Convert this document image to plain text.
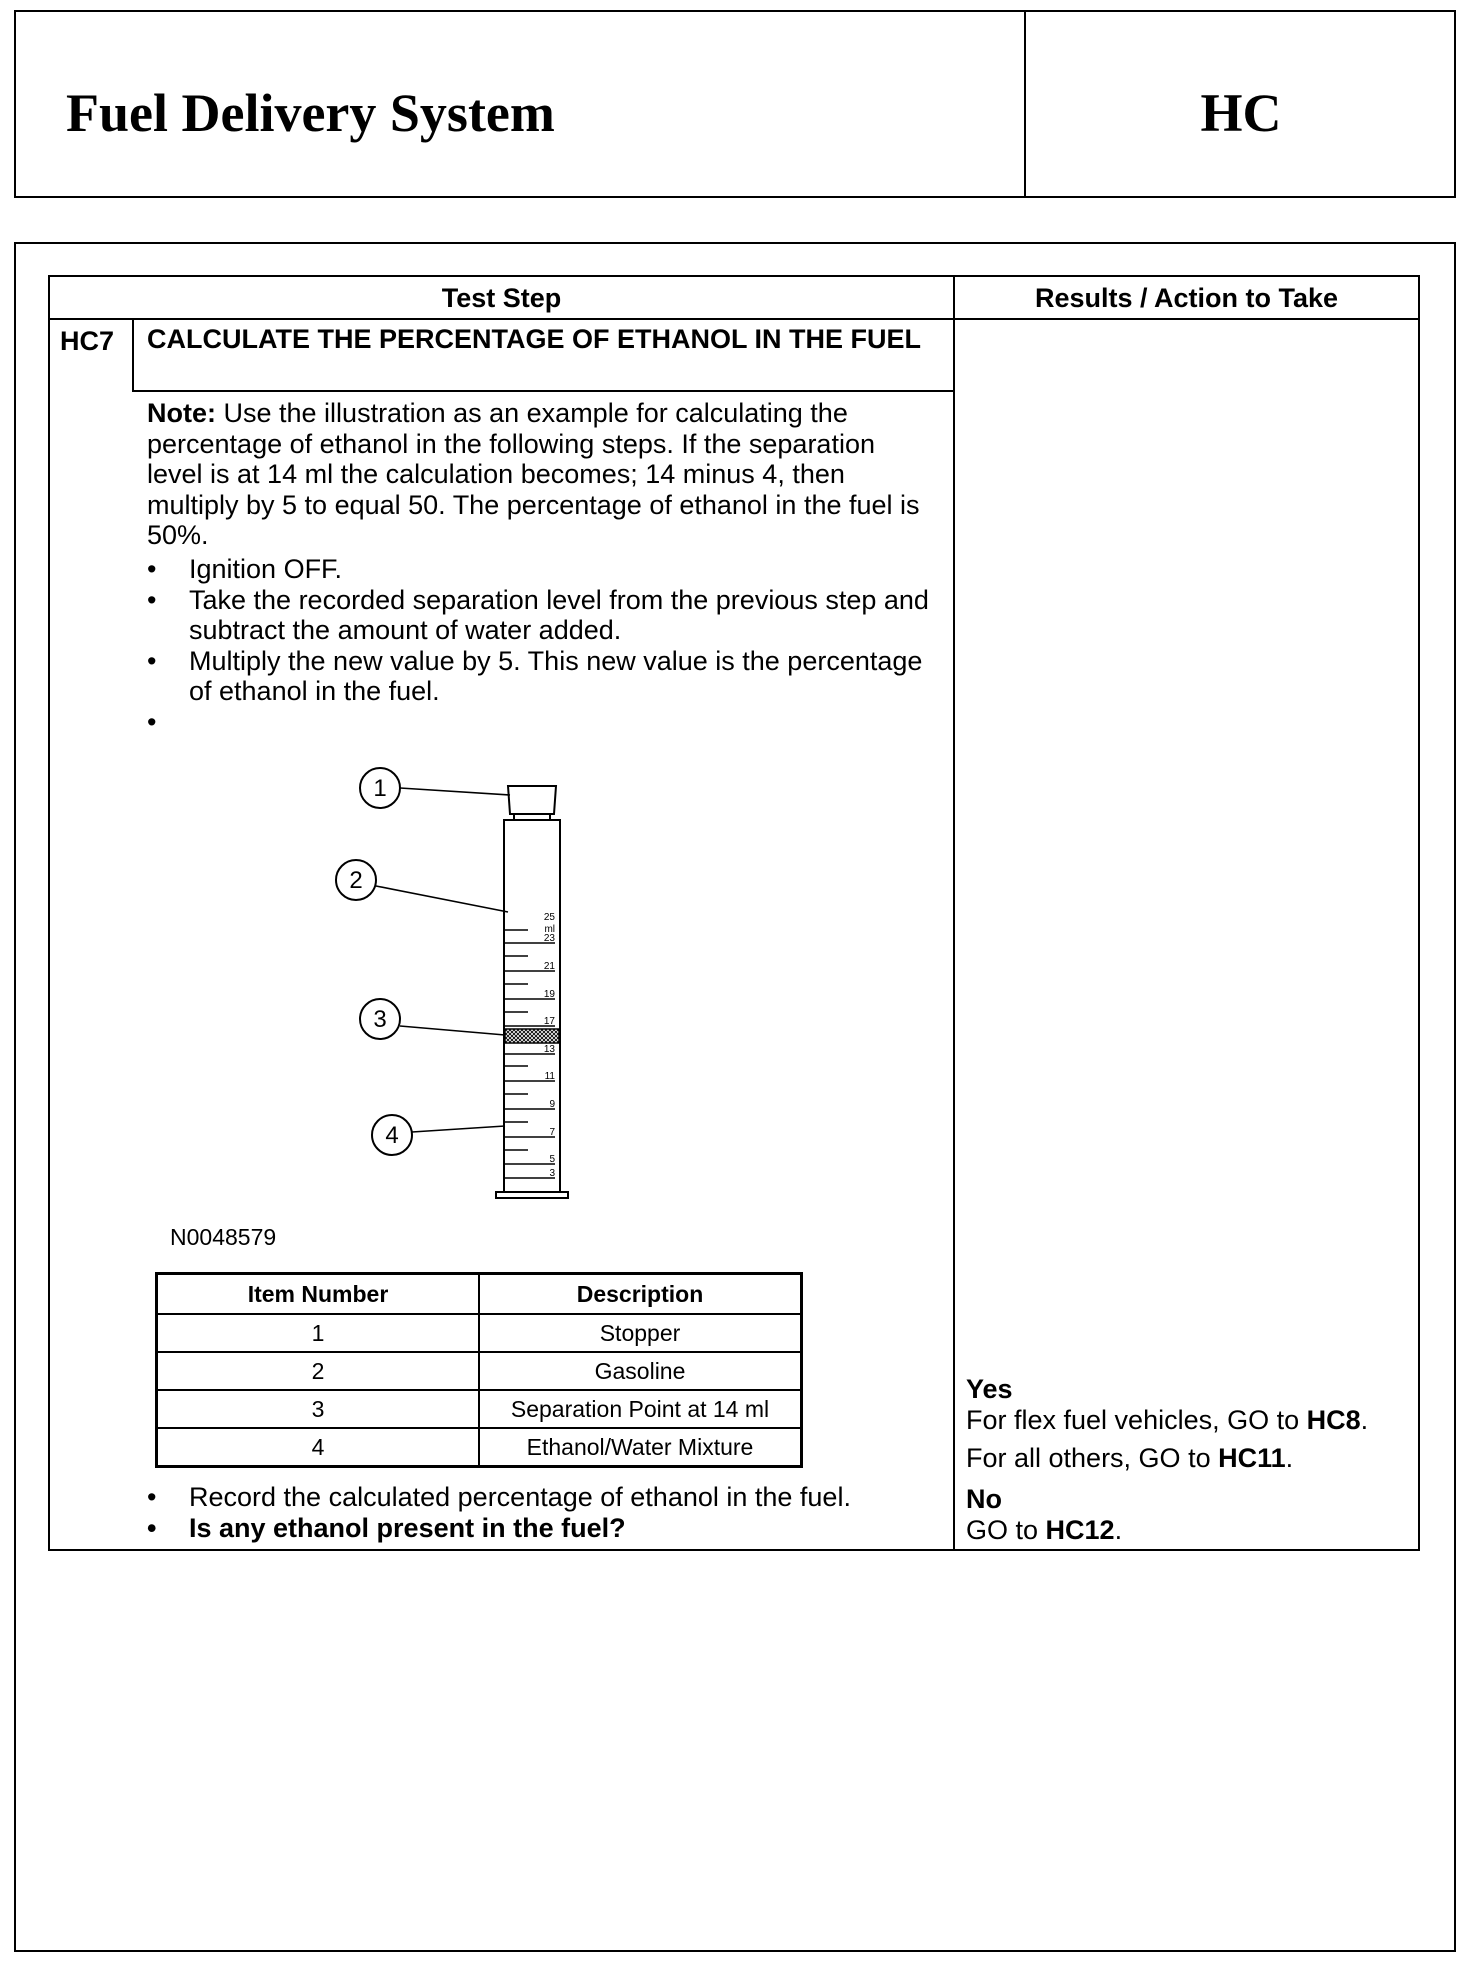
Fuel Delivery System	HC
Test Step	Results / Action to Take
HC7 CALCULATE THE PERCENTAGE OF ETHANOL IN THE FUEL
Note: Use the illustration as an example for calculating the percentage of ethanol in the following steps. If the separation level is at 14 ml the calculation becomes; 14 minus 4, then multiply by 5 to equal 50. The percentage of ethanol in the fuel is 50%.
• Ignition OFF.
• Take the recorded separation level from the previous step and subtract the amount of water added.
• Multiply the new value by 5. This new value is the percentage of ethanol in the fuel.
•
25
ml
23
21
19
17
13
11
9
7
5
3
1
2
3
4
N0048579
Item Number	Description
1	Stopper
2	Gasoline
3	Separation Point at 14 ml
4	Ethanol/Water Mixture
• Record the calculated percentage of ethanol in the fuel.
• Is any ethanol present in the fuel?
Yes
For flex fuel vehicles, GO to HC8.
For all others, GO to HC11.
No
GO to HC12.
